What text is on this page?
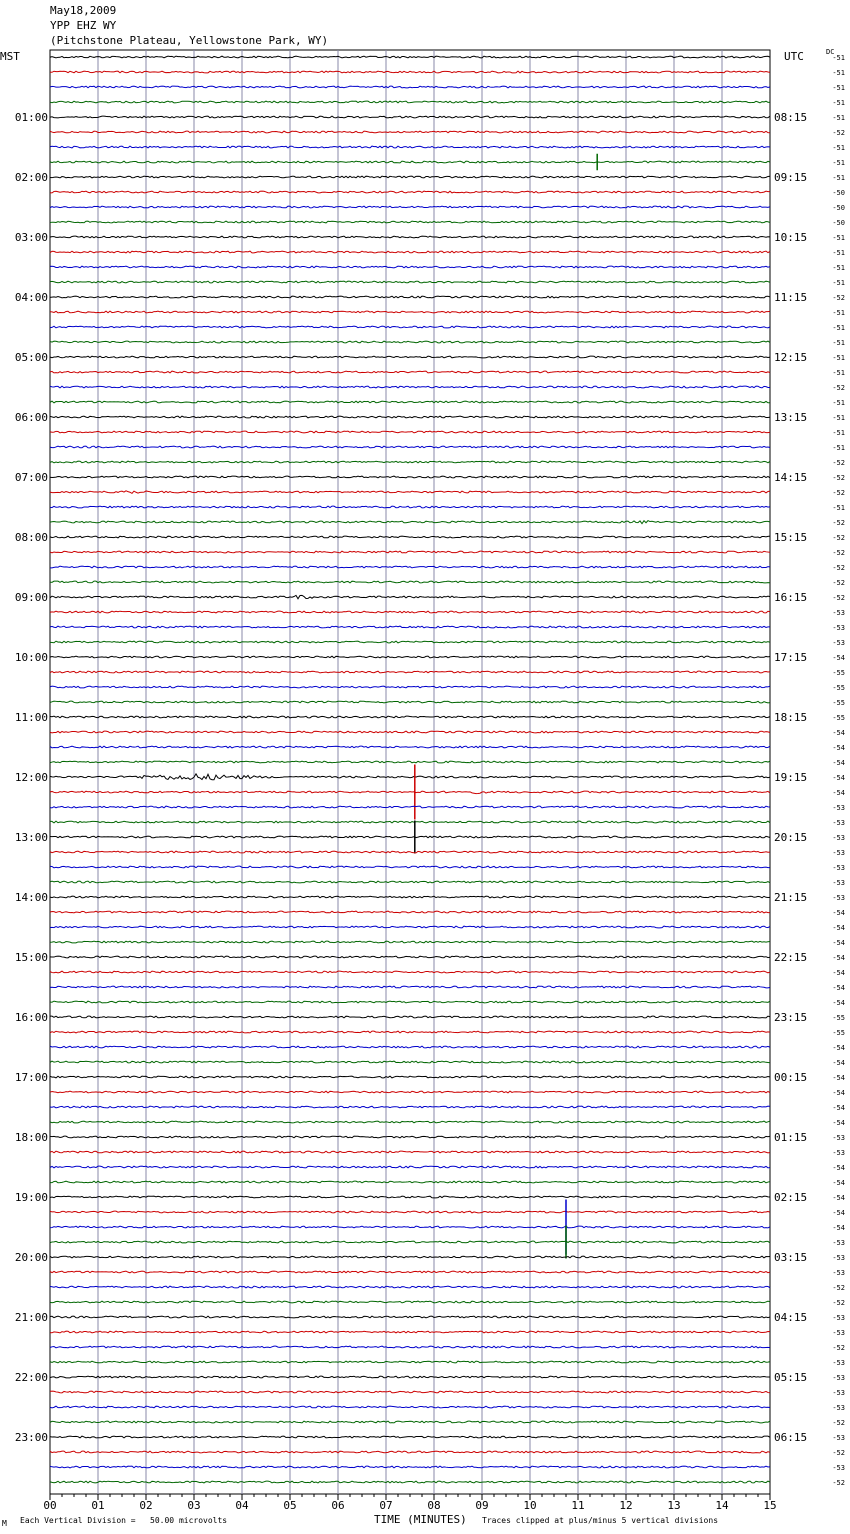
May18,2009
YPP EHZ WY
(Pitchstone Plateau, Yellowstone Park, WY)
MST	UTC	DC
00	01	02	03	04	05	06	07	08	09	10	11	12	13	14	15
-51
-51
-51
-51
-51
01:00	08:15
-52
-51
-51
-51
02:00	09:15
-50
-50
-50
-51
03:00	10:15
-51
-51
-51
-52
04:00	11:15
-51
-51
-51
-51
05:00	12:15
-51
-52
-51
-51
06:00	13:15
-51
-51
-52
-52
07:00	14:15
-52
-51
-52
-52
08:00	15:15
-52
-52
-52
-52
09:00	16:15
-53
-53
-53
-54
10:00	17:15
-55
-55
-55
-55
11:00	18:15
-54
-54
-54
-54
12:00	19:15
-54
-53
-53
-53
13:00	20:15
-53
-53
-53
-53
14:00	21:15
-54
-54
-54
-54
15:00	22:15
-54
-54
-54
-55
16:00	23:15
-55
-54
-54
-54
17:00	00:15
-54
-54
-54
-53
18:00	01:15
-53
-54
-54
-54
19:00	02:15
-54
-54
-53
-53
20:00	03:15
-53
-52
-52
-53
21:00	04:15
-53
-52
-53
-53
22:00	05:15
-53
-53
-52
-53
23:00	06:15
-52
-53
-52
M Each Vertical Division =   50.00 microvolts	TIME (MINUTES) Traces clipped at plus/minus 5 vertical divisions
